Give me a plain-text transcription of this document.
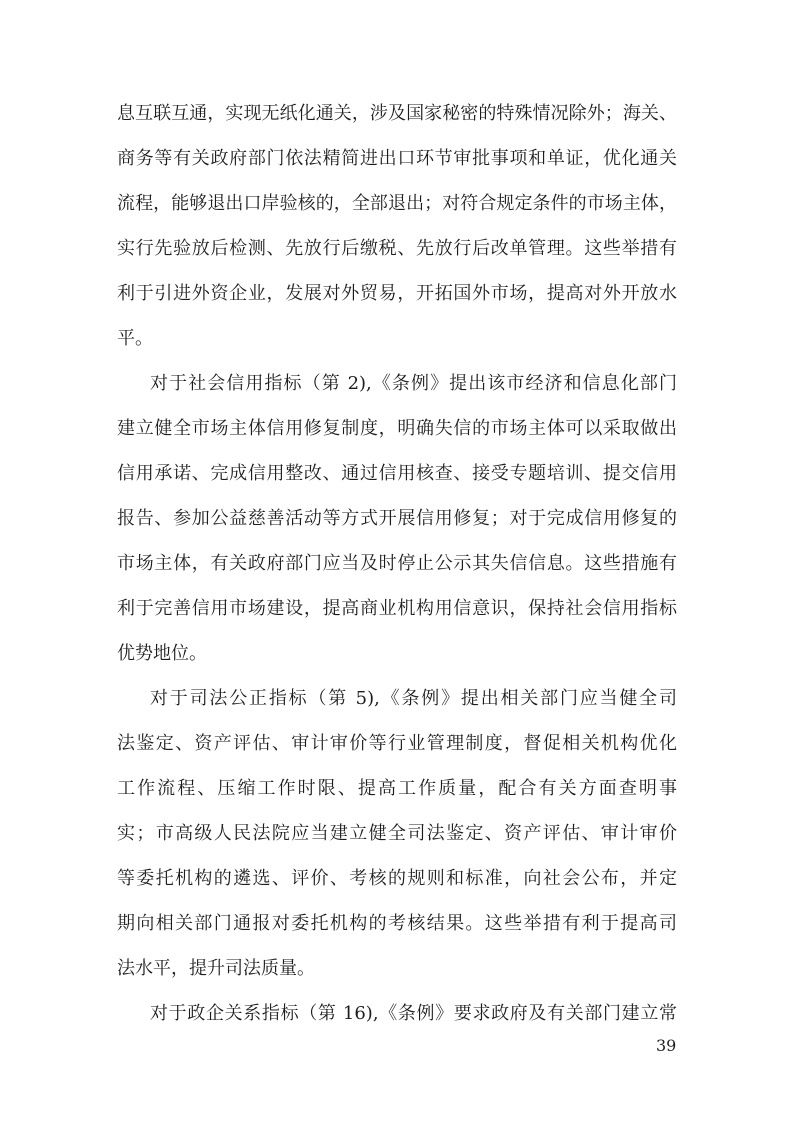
息互联互通，实现无纸化通关，涉及国家秘密的特殊情况除外；海关、
商务等有关政府部门依法精简进出口环节审批事项和单证，优化通关
流程，能够退出口岸验核的，全部退出；对符合规定条件的市场主体，
实行先验放后检测、先放行后缴税、先放行后改单管理。这些举措有
利于引进外资企业，发展对外贸易，开拓国外市场，提高对外开放水
平。
对于社会信用指标（第 2),《条例》提出该市经济和信息化部门
建立健全市场主体信用修复制度，明确失信的市场主体可以采取做出
信用承诺、完成信用整改、通过信用核查、接受专题培训、提交信用
报告、参加公益慈善活动等方式开展信用修复；对于完成信用修复的
市场主体，有关政府部门应当及时停止公示其失信信息。这些措施有
利于完善信用市场建设，提高商业机构用信意识，保持社会信用指标
优势地位。
对于司法公正指标（第 5),《条例》提出相关部门应当健全司
法鉴定、资产评估、审计审价等行业管理制度，督促相关机构优化
工作流程、压缩工作时限、提高工作质量，配合有关方面查明事
实；市高级人民法院应当建立健全司法鉴定、资产评估、审计审价
等委托机构的遴选、评价、考核的规则和标准，向社会公布，并定
期向相关部门通报对委托机构的考核结果。这些举措有利于提高司
法水平，提升司法质量。
对于政企关系指标（第 16),《条例》要求政府及有关部门建立常
39
